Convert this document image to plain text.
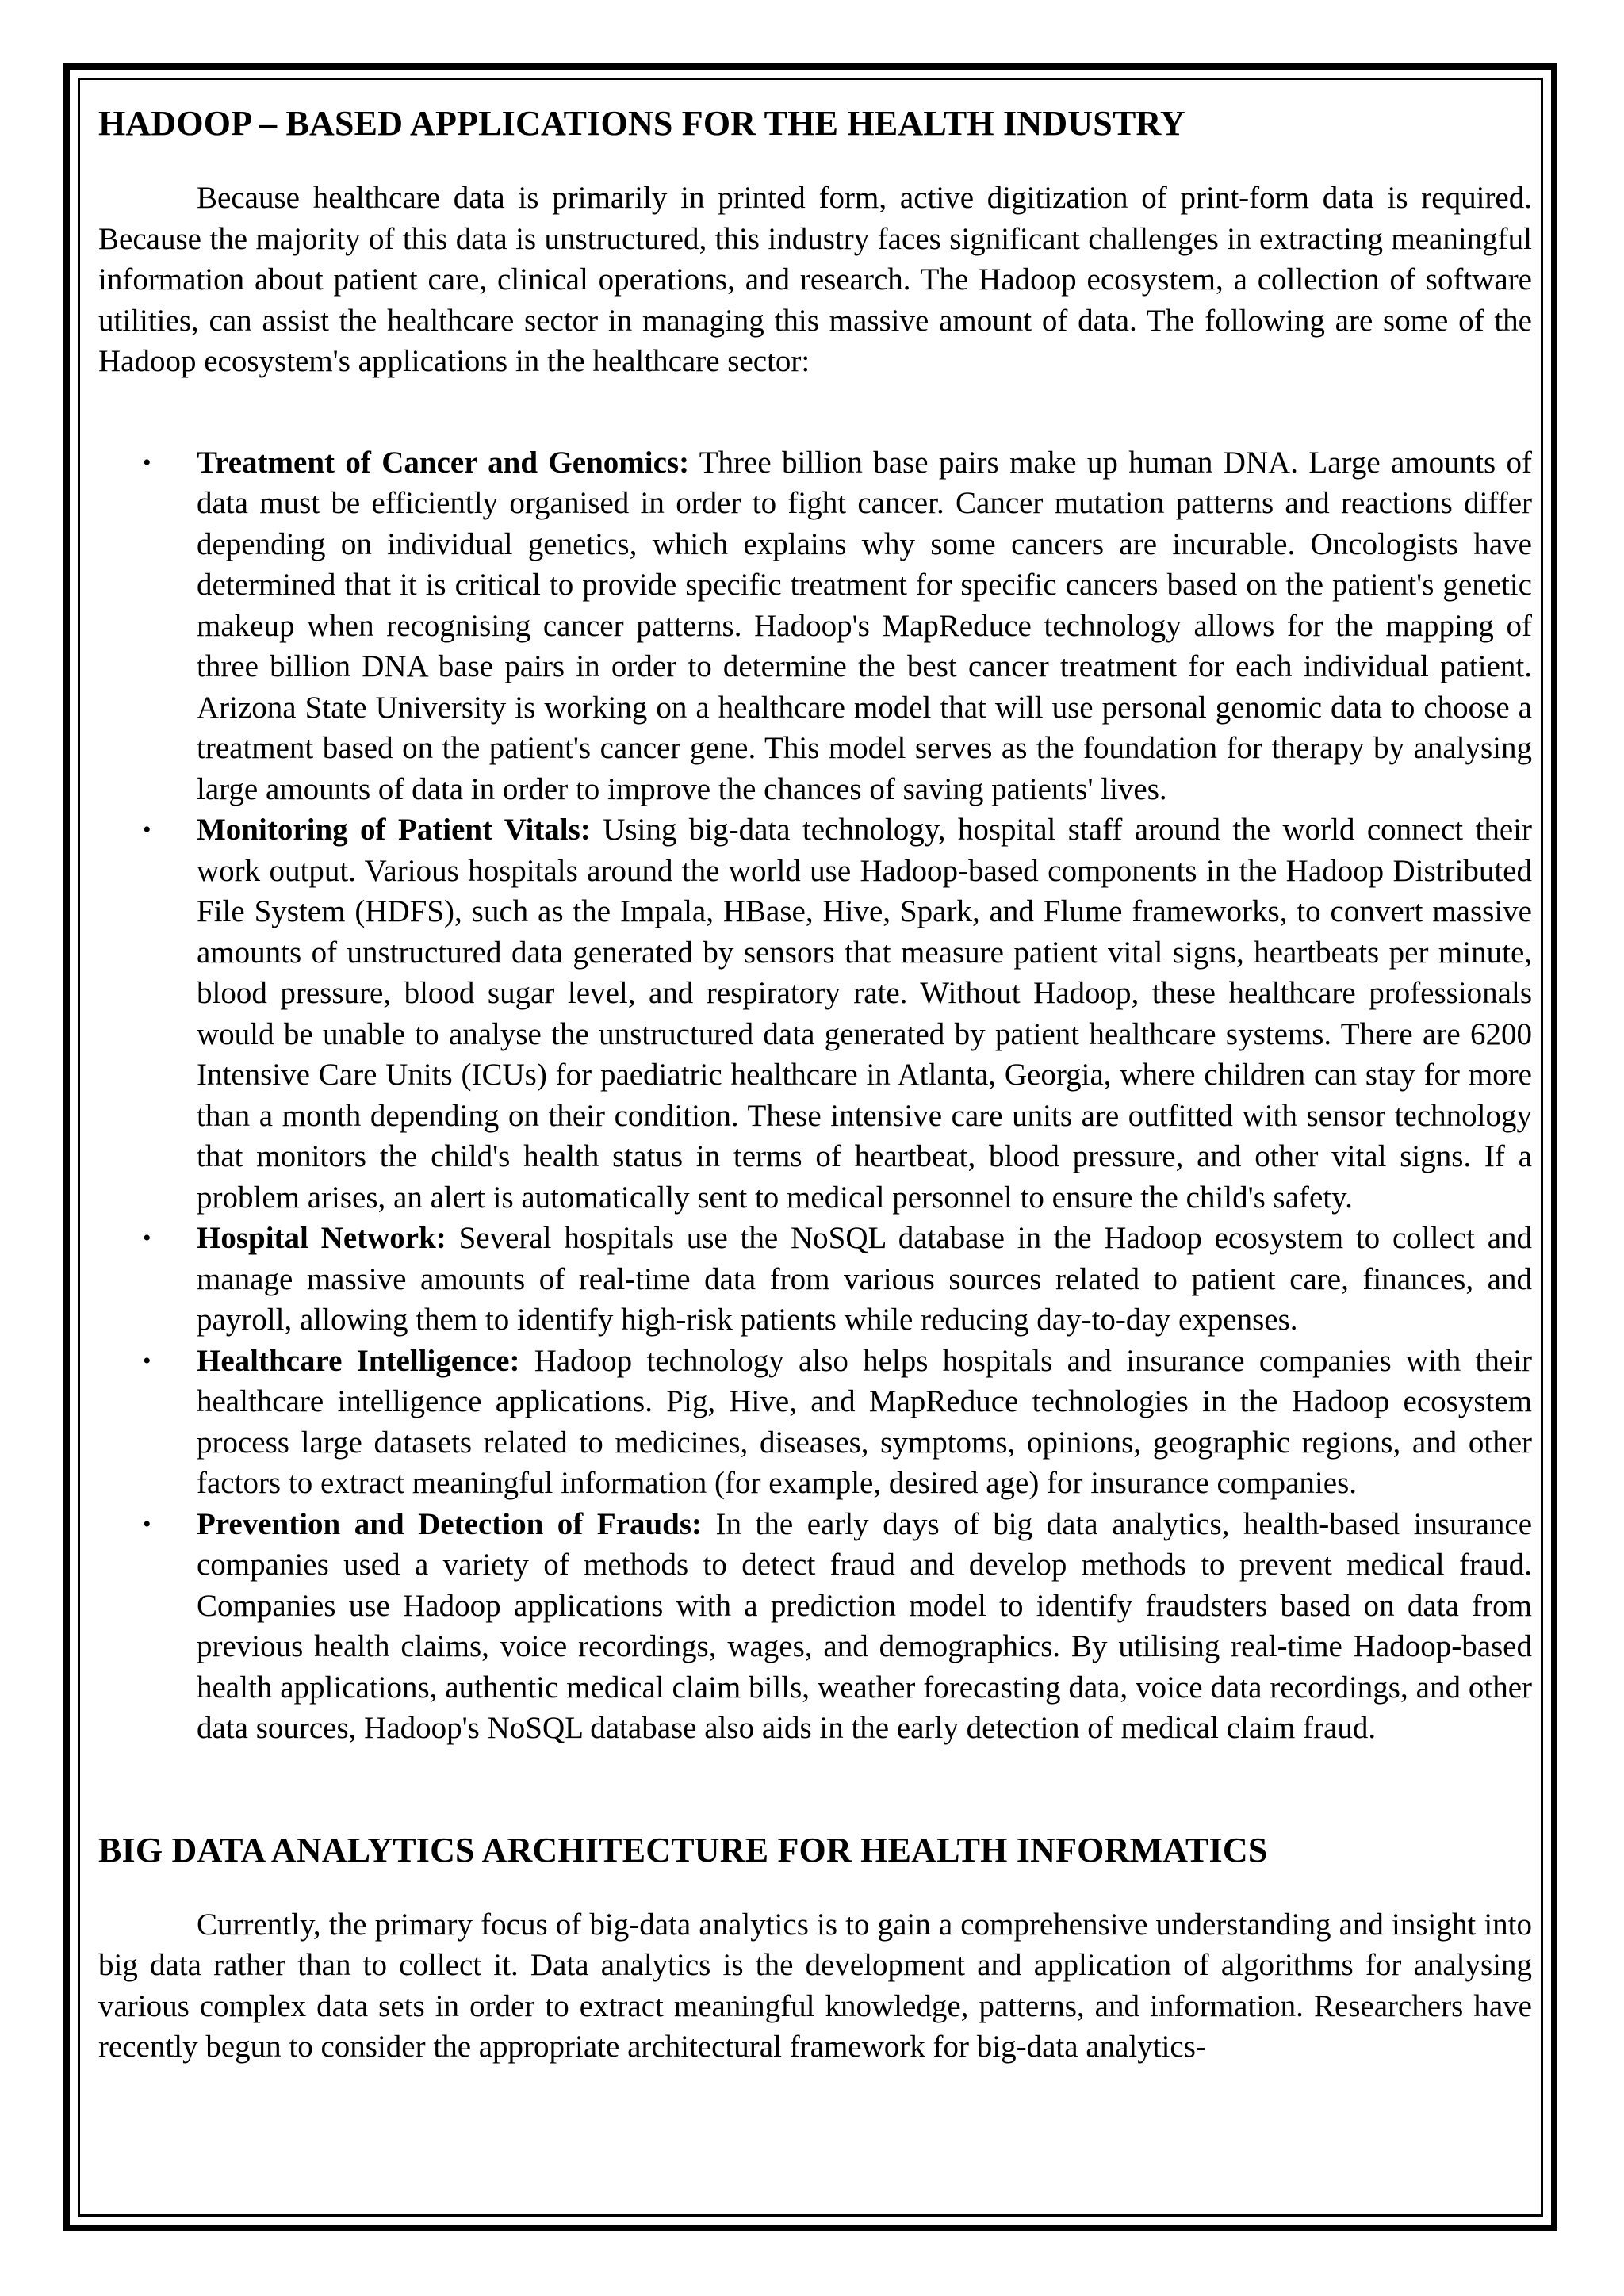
HADOOP – BASED APPLICATIONS FOR THE HEALTH INDUSTRY

Because healthcare data is primarily in printed form, active digitization of print-form data is required. Because the majority of this data is unstructured, this industry faces significant challenges in extracting meaningful information about patient care, clinical operations, and research. The Hadoop ecosystem, a collection of software utilities, can assist the healthcare sector in managing this massive amount of data. The following are some of the Hadoop ecosystem's applications in the healthcare sector:

• Treatment of Cancer and Genomics: Three billion base pairs make up human DNA. Large amounts of data must be efficiently organised in order to fight cancer. Cancer mutation patterns and reactions differ depending on individual genetics, which explains why some cancers are incurable. Oncologists have determined that it is critical to provide specific treatment for specific cancers based on the patient's genetic makeup when recognising cancer patterns. Hadoop's MapReduce technology allows for the mapping of three billion DNA base pairs in order to determine the best cancer treatment for each individual patient. Arizona State University is working on a healthcare model that will use personal genomic data to choose a treatment based on the patient's cancer gene. This model serves as the foundation for therapy by analysing large amounts of data in order to improve the chances of saving patients' lives.
• Monitoring of Patient Vitals: Using big-data technology, hospital staff around the world connect their work output. Various hospitals around the world use Hadoop-based components in the Hadoop Distributed File System (HDFS), such as the Impala, HBase, Hive, Spark, and Flume frameworks, to convert massive amounts of unstructured data generated by sensors that measure patient vital signs, heartbeats per minute, blood pressure, blood sugar level, and respiratory rate. Without Hadoop, these healthcare professionals would be unable to analyse the unstructured data generated by patient healthcare systems. There are 6200 Intensive Care Units (ICUs) for paediatric healthcare in Atlanta, Georgia, where children can stay for more than a month depending on their condition. These intensive care units are outfitted with sensor technology that monitors the child's health status in terms of heartbeat, blood pressure, and other vital signs. If a problem arises, an alert is automatically sent to medical personnel to ensure the child's safety.
• Hospital Network: Several hospitals use the NoSQL database in the Hadoop ecosystem to collect and manage massive amounts of real-time data from various sources related to patient care, finances, and payroll, allowing them to identify high-risk patients while reducing day-to-day expenses.
• Healthcare Intelligence: Hadoop technology also helps hospitals and insurance companies with their healthcare intelligence applications. Pig, Hive, and MapReduce technologies in the Hadoop ecosystem process large datasets related to medicines, diseases, symptoms, opinions, geographic regions, and other factors to extract meaningful information (for example, desired age) for insurance companies.
• Prevention and Detection of Frauds: In the early days of big data analytics, health-based insurance companies used a variety of methods to detect fraud and develop methods to prevent medical fraud. Companies use Hadoop applications with a prediction model to identify fraudsters based on data from previous health claims, voice recordings, wages, and demographics. By utilising real-time Hadoop-based health applications, authentic medical claim bills, weather forecasting data, voice data recordings, and other data sources, Hadoop's NoSQL database also aids in the early detection of medical claim fraud.
BIG DATA ANALYTICS ARCHITECTURE FOR HEALTH INFORMATICS

Currently, the primary focus of big-data analytics is to gain a comprehensive understanding and insight into big data rather than to collect it. Data analytics is the development and application of algorithms for analysing various complex data sets in order to extract meaningful knowledge, patterns, and information. Researchers have recently begun to consider the appropriate architectural framework for big-data analytics-
